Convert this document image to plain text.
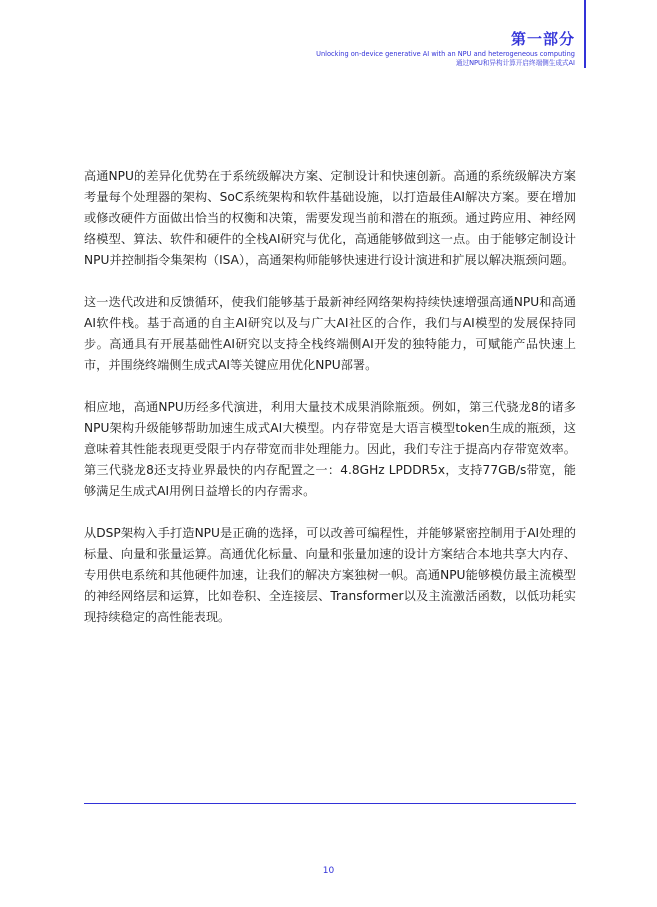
第一部分
Unlocking on-device generative AI with an NPU and heterogeneous computing
通过NPU和异构计算开启终端侧生成式AI

高通NPU的差异化优势在于系统级解决方案、定制设计和快速创新。高通的系统级解决方案考量每个处理器的架构、SoC系统架构和软件基础设施，以打造最佳AI解决方案。要在增加或修改硬件方面做出恰当的权衡和决策，需要发现当前和潜在的瓶颈。通过跨应用、神经网络模型、算法、软件和硬件的全栈AI研究与优化，高通能够做到这一点。由于能够定制设计NPU并控制指令集架构（ISA），高通架构师能够快速进行设计演进和扩展以解决瓶颈问题。

这一迭代改进和反馈循环，使我们能够基于最新神经网络架构持续快速增强高通NPU和高通AI软件栈。基于高通的自主AI研究以及与广大AI社区的合作，我们与AI模型的发展保持同步。高通具有开展基础性AI研究以支持全栈终端侧AI开发的独特能力，可赋能产品快速上市，并围绕终端侧生成式AI等关键应用优化NPU部署。

相应地，高通NPU历经多代演进，利用大量技术成果消除瓶颈。例如，第三代骁龙8的诸多NPU架构升级能够帮助加速生成式AI大模型。内存带宽是大语言模型token生成的瓶颈，这意味着其性能表现更受限于内存带宽而非处理能力。因此，我们专注于提高内存带宽效率。第三代骁龙8还支持业界最快的内存配置之一：4.8GHz LPDDR5x，支持77GB/s带宽，能够满足生成式AI用例日益增长的内存需求。

从DSP架构入手打造NPU是正确的选择，可以改善可编程性，并能够紧密控制用于AI处理的标量、向量和张量运算。高通优化标量、向量和张量加速的设计方案结合本地共享大内存、专用供电系统和其他硬件加速，让我们的解决方案独树一帜。高通NPU能够模仿最主流模型的神经网络层和运算，比如卷积、全连接层、Transformer以及主流激活函数，以低功耗实现持续稳定的高性能表现。

10
